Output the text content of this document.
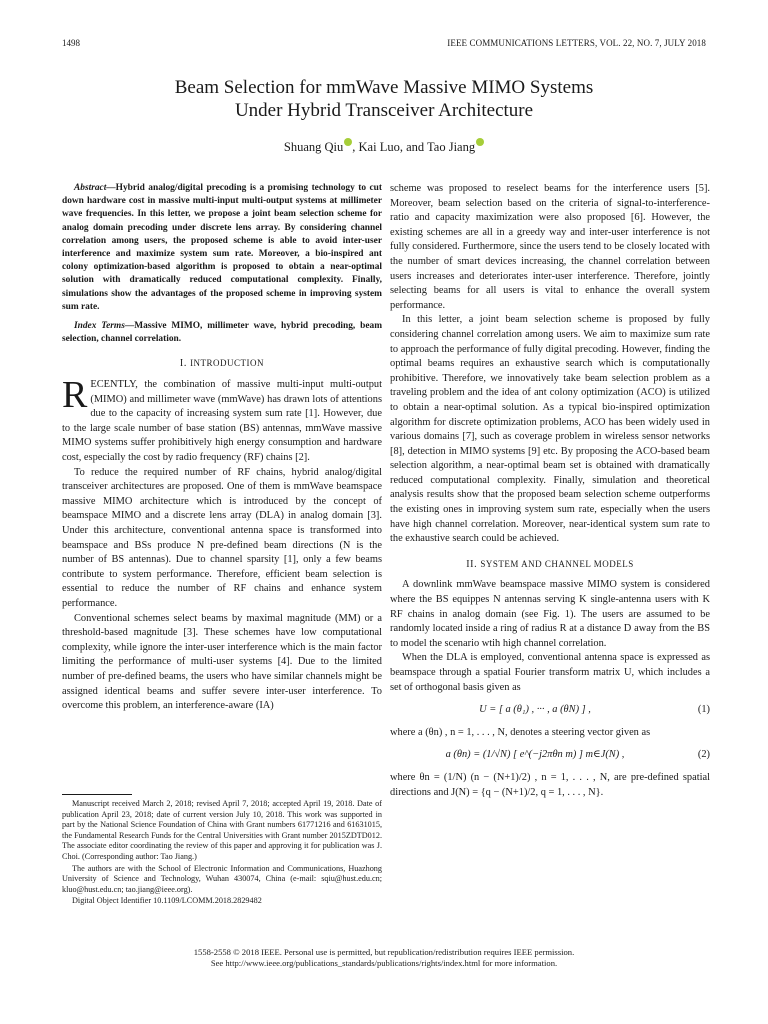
1498	IEEE COMMUNICATIONS LETTERS, VOL. 22, NO. 7, JULY 2018
Beam Selection for mmWave Massive MIMO Systems
Under Hybrid Transceiver Architecture
Shuang Qiu , Kai Luo, and Tao Jiang

Abstract—Hybrid analog/digital precoding is a promising technology to cut down hardware cost in massive multi-input multi-output systems at millimeter wave frequencies. In this letter, we propose a joint beam selection scheme for analog domain precoding under discrete lens array. By considering channel correlation among users, the proposed scheme is able to avoid inter-user interference and maximize system sum rate. Moreover, a bio-inspired ant colony optimization-based algorithm is proposed to obtain a near-optimal solution with dramatically reduced computational complexity. Finally, simulations show the advantages of the proposed scheme in improving system sum rate.

Index Terms—Massive MIMO, millimeter wave, hybrid precoding, beam selection, channel correlation.

I. INTRODUCTION

RECENTLY, the combination of massive multi-input multi-output (MIMO) and millimeter wave (mmWave) has drawn lots of attentions due to the capacity of increasing system sum rate [1]. However, due to the large scale number of base station (BS) antennas, mmWave massive MIMO systems suffer prohibitively high energy consumption and hardware cost, especially the cost by radio frequency (RF) chains [2].

To reduce the required number of RF chains, hybrid analog/digital transceiver architectures are proposed. One of them is mmWave beamspace massive MIMO architecture which is introduced by the concept of beamspace MIMO and a discrete lens array (DLA) in analog domain [3]. Under this architecture, conventional antenna space is transformed into beamspace and BSs produce N pre-defined beam directions (N is the number of BS antennas). Due to channel sparsity [1], only a few beams contribute to system performance. Therefore, efficient beam selection is essential to reduce the number of RF chains and enhance system performance.

Conventional schemes select beams by maximal magnitude (MM) or a threshold-based magnitude [3]. These schemes have low computational complexity, while ignore the inter-user interference which is the main factor limiting the performance of multi-user systems [4]. Due to the limited number of pre-defined beams, the users who have similar channels might be assigned identical beams and suffer severe inter-user interference. To overcome this problem, an interference-aware (IA)

scheme was proposed to reselect beams for the interference users [5]. Moreover, beam selection based on the criteria of signal-to-interference-ratio and capacity maximization were also proposed [6]. However, the existing schemes are all in a greedy way and inter-user interference is not fully considered. Furthermore, since the users tend to be closely located with the number of smart devices increasing, the channel correlation between users increases and deteriorates inter-user interference. Therefore, jointly selecting beams for all users is vital to enhance the overall system performance.

In this letter, a joint beam selection scheme is proposed by fully considering channel correlation among users. We aim to maximize sum rate to approach the performance of fully digital precoding. However, finding the optimal beams requires an exhaustive search which is computationally prohibitive. Therefore, we innovatively take beam selection problem as a traveling problem and the idea of ant colony optimization (ACO) is utilized to obtain a near-optimal solution. As a typical bio-inspired optimization algorithm for discrete optimization problems, ACO has been widely used in various domains [7], such as coverage problem in wireless sensor networks [8], detection in MIMO systems [9] etc. By proposing the ACO-based beam selection algorithm, a near-optimal beam set is obtained with dramatically reduced computational complexity. Finally, simulation and theoretical analysis results show that the proposed beam selection scheme outperforms the existing ones in improving system sum rate, especially when the users have high channel correlation. Moreover, near-identical system sum rate to the exhaustive search could be achieved.

II. SYSTEM AND CHANNEL MODELS

A downlink mmWave beamspace massive MIMO system is considered where the BS equippes N antennas serving K single-antenna users with K RF chains in analog domain (see Fig. 1). The users are assumed to be randomly located inside a ring of radius R at a distance D away from the BS to model the scenario wtih high channel correlation.

When the DLA is employed, conventional antenna space is expressed as beamspace through a spatial Fourier transform matrix U, which includes a set of orthogonal basis given as

U = [ a (θ₁) , ··· , a (θN) ] ,	(1)

where a (θn) , n = 1, . . . , N, denotes a steering vector given as

a (θn) = (1/√N) [ e^(−j2πθn m) ] m∈Ј(N) ,	(2)

where θn = (1/N) (n − (N+1)/2) , n = 1, . . . , N, are pre-defined spatial directions and Ј(N) = {q − (N+1)/2, q = 1, . . . , N}.

Manuscript received March 2, 2018; revised April 7, 2018; accepted April 19, 2018. Date of publication April 23, 2018; date of current version July 10, 2018. This work was supported in part by the National Science Foundation of China with Grant numbers 61771216 and 61631015, the Fundamental Research Funds for the Central Universities with Grant number 2015ZDTD012. The associate editor coordinating the review of this paper and approving it for publication was J. Choi. (Corresponding author: Tao Jiang.)

The authors are with the School of Electronic Information and Communications, Huazhong University of Science and Technology, Wuhan 430074, China (e-mail: sqiu@hust.edu.cn; kluo@hust.edu.cn; tao.jiang@ieee.org).

Digital Object Identifier 10.1109/LCOMM.2018.2829482

1558-2558 © 2018 IEEE. Personal use is permitted, but republication/redistribution requires IEEE permission.
See http://www.ieee.org/publications_standards/publications/rights/index.html for more information.
